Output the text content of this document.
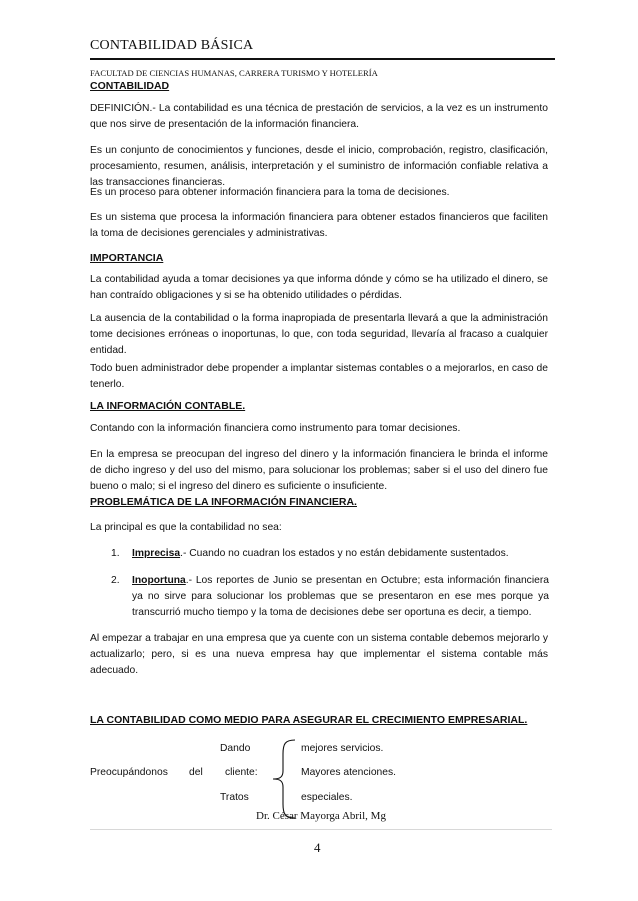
CONTABILIDAD BÁSICA
FACULTAD DE CIENCIAS HUMANAS, CARRERA TURISMO Y HOTELERÍA
CONTABILIDAD
DEFINICIÓN.- La contabilidad es una técnica de prestación de servicios, a la vez es un instrumento que nos sirve de presentación de la información financiera.
Es un conjunto de conocimientos y funciones, desde el inicio, comprobación, registro, clasificación, procesamiento, resumen, análisis, interpretación y el suministro de información confiable relativa a las transacciones financieras.
Es un proceso para obtener información financiera para la toma de decisiones.
Es un sistema que procesa la información financiera para obtener estados financieros que faciliten la toma de decisiones gerenciales y administrativas.
IMPORTANCIA
La contabilidad ayuda a tomar decisiones ya que informa dónde y cómo se ha utilizado el dinero, se han contraído obligaciones y si se ha obtenido utilidades o pérdidas.
La ausencia de la contabilidad o la forma inapropiada de presentarla llevará a que la administración tome decisiones erróneas o inoportunas, lo que, con toda seguridad, llevaría al fracaso a cualquier entidad.
Todo buen administrador debe propender a implantar sistemas contables o a mejorarlos, en caso de tenerlo.
LA INFORMACIÓN CONTABLE.
Contando con la información financiera como instrumento para tomar decisiones.
En la empresa se preocupan del ingreso del dinero y la información financiera le brinda el informe de dicho ingreso y del uso del mismo, para solucionar los problemas; saber si el uso del dinero fue bueno o malo; si el ingreso del dinero es suficiente o insuficiente.
PROBLEMÁTICA DE LA INFORMACIÓN FINANCIERA.
La principal es que la contabilidad no sea:
1. Imprecisa.- Cuando no cuadran los estados y no están debidamente sustentados.
2. Inoportuna.- Los reportes de Junio se presentan en Octubre; esta información financiera ya no sirve para solucionar los problemas que se presentaron en ese mes porque ya transcurrió mucho tiempo y la toma de decisiones debe ser oportuna es decir, a tiempo.
Al empezar a trabajar en una empresa que ya cuente con un sistema contable debemos mejorarlo y actualizarlo; pero, si es una nueva empresa hay que implementar el sistema contable más adecuado.
LA CONTABILIDAD COMO MEDIO PARA ASEGURAR EL CRECIMIENTO EMPRESARIAL.
Dando	mejores servicios.
Preocupándonos del cliente:	Mayores atenciones.
Tratos	especiales.
Dr. César Mayorga Abril, Mg
4
